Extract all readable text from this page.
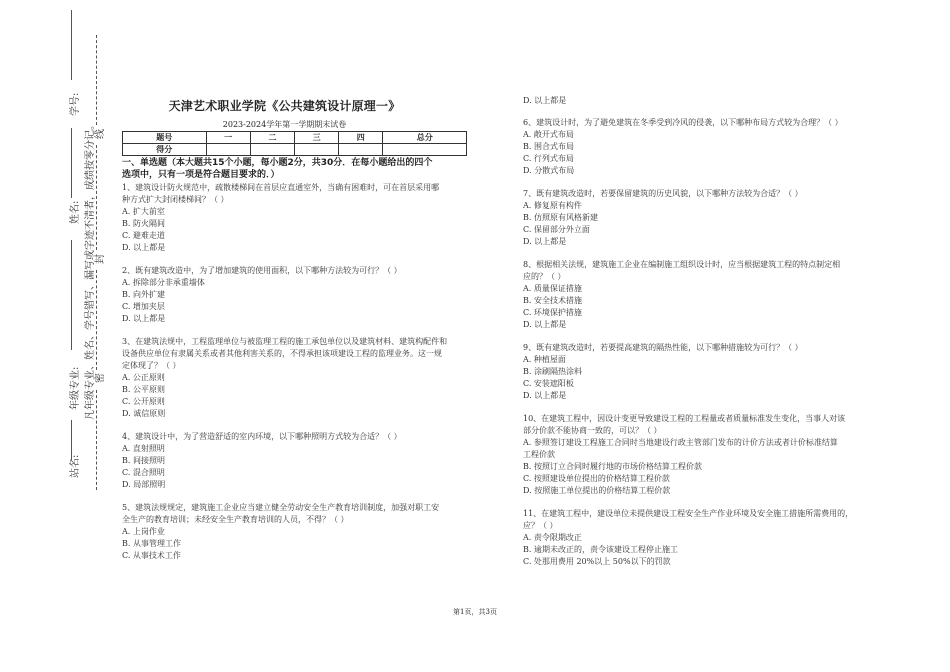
学号:
姓名:
年级专业:
站名:
凡年级专业、姓名、学号错写、漏写或字迹不清者，成绩按零分记。 线
封
密
天津艺术职业学院《公共建筑设计原理一》
2023-2024学年第一学期期末试卷
题号	一	二	三	四	总分
得分					
一、单选题（本大题共15个小题，每小题2分，共30分．在每小题给出的四个
选项中，只有一项是符合题目要求的．）
1、建筑设计防火规范中，疏散楼梯间在首层应直通室外，当确有困难时，可在首层采用哪
种方式扩大封闭楼梯间？（ ）
A. 扩大前室
B. 防火隔间
C. 避难走道
D. 以上都是
2、既有建筑改造中，为了增加建筑的使用面积，以下哪种方法较为可行？（ ）
A. 拆除部分非承重墙体
B. 向外扩建
C. 增加夹层
D. 以上都是
3、在建筑法规中，工程监理单位与被监理工程的施工承包单位以及建筑材料、建筑构配件和
设备供应单位有隶属关系或者其他利害关系的，不得承担该项建设工程的监理业务。这一规
定体现了？（ ）
A. 公正原则
B. 公平原则
C. 公开原则
D. 诚信原则
4、建筑设计中，为了营造舒适的室内环境，以下哪种照明方式较为合适？（ ）
A. 直射照明
B. 间接照明
C. 混合照明
D. 局部照明
5、建筑法规规定，建筑施工企业应当建立健全劳动安全生产教育培训制度，加强对职工安
全生产的教育培训；未经安全生产教育培训的人员，不得？（ ）
A. 上岗作业
B. 从事管理工作
C. 从事技术工作
D. 以上都是
6、建筑设计时，为了避免建筑在冬季受到冷风的侵袭，以下哪种布局方式较为合理？（ ）
A. 敞开式布局
B. 围合式布局
C. 行列式布局
D. 分散式布局
7、既有建筑改造时，若要保留建筑的历史风貌，以下哪种方法较为合适？（ ）
A. 修复原有构件
B. 仿照原有风格新建
C. 保留部分外立面
D. 以上都是
8、根据相关法规，建筑施工企业在编制施工组织设计时，应当根据建筑工程的特点制定相
应的？（ ）
A. 质量保证措施
B. 安全技术措施
C. 环境保护措施
D. 以上都是
9、既有建筑改造时，若要提高建筑的隔热性能，以下哪种措施较为可行？（ ）
A. 种植屋面
B. 涂刷隔热涂料
C. 安装遮阳板
D. 以上都是
10、在建筑工程中，因设计变更导致建设工程的工程量或者质量标准发生变化，当事人对该
部分价款不能协商一致的，可以？（ ）
A. 参照签订建设工程施工合同时当地建设行政主管部门发布的计价方法或者计价标准结算
工程价款
B. 按照订立合同时履行地的市场价格结算工程价款
C. 按照建设单位提出的价格结算工程价款
D. 按照施工单位提出的价格结算工程价款
11、在建筑工程中，建设单位未提供建设工程安全生产作业环境及安全施工措施所需费用的，
应？（ ）
A. 责令限期改正
B. 逾期未改正的，责令该建设工程停止施工
C. 处那用费用 20%以上 50%以下的罚款
第1页，共3页
